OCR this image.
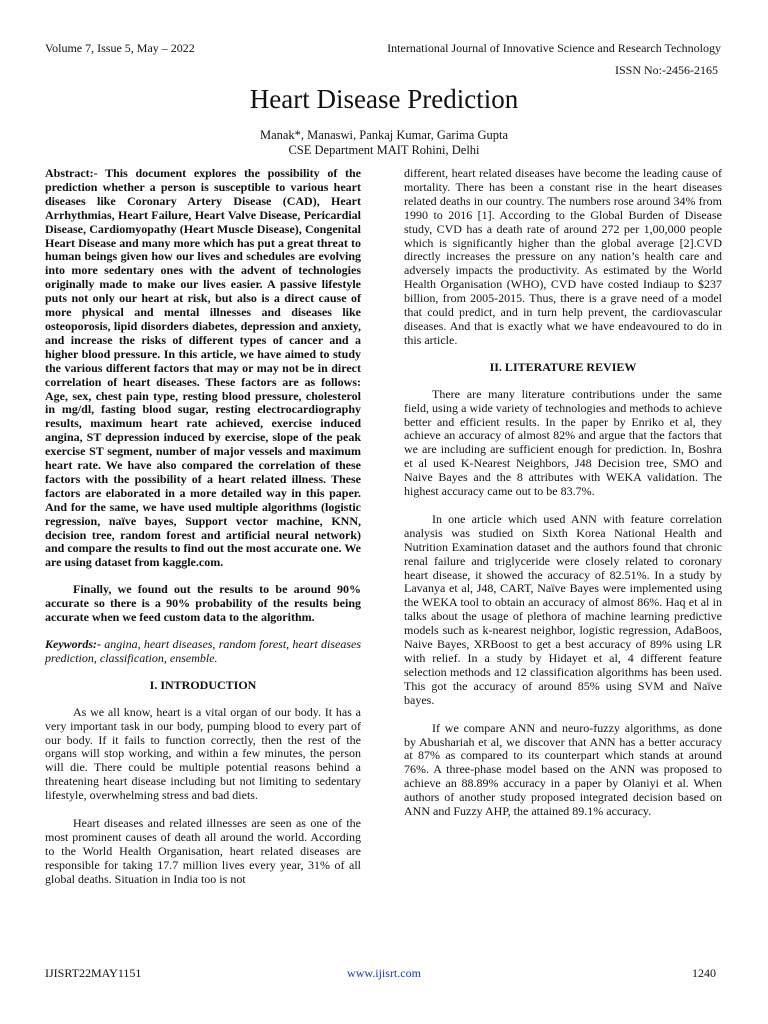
Volume 7, Issue 5, May – 2022	International Journal of Innovative Science and Research Technology
ISSN No:-2456-2165
Heart Disease Prediction
Manak*, Manaswi, Pankaj Kumar, Garima Gupta
CSE Department MAIT Rohini, Delhi

Abstract:- This document explores the possibility of the prediction whether a person is susceptible to various heart diseases like Coronary Artery Disease (CAD), Heart Arrhythmias, Heart Failure, Heart Valve Disease, Pericardial Disease, Cardiomyopathy (Heart Muscle Disease), Congenital Heart Disease and many more which has put a great threat to human beings given how our lives and schedules are evolving into more sedentary ones with the advent of technologies originally made to make our lives easier. A passive lifestyle puts not only our heart at risk, but also is a direct cause of more physical and mental illnesses and diseases like osteoporosis, lipid disorders diabetes, depression and anxiety, and increase the risks of different types of cancer and a higher blood pressure. In this article, we have aimed to study the various different factors that may or may not be in direct correlation of heart diseases. These factors are as follows: Age, sex, chest pain type, resting blood pressure, cholesterol in mg/dl, fasting blood sugar, resting electrocardiography results, maximum heart rate achieved, exercise induced angina, ST depression induced by exercise, slope of the peak exercise ST segment, number of major vessels and maximum heart rate. We have also compared the correlation of these factors with the possibility of a heart related illness. These factors are elaborated in a more detailed way in this paper. And for the same, we have used multiple algorithms (logistic regression, naïve bayes, Support vector machine, KNN, decision tree, random forest and artificial neural network) and compare the results to find out the most accurate one. We are using dataset from kaggle.com.

Finally, we found out the results to be around 90% accurate so there is a 90% probability of the results being accurate when we feed custom data to the algorithm.

Keywords:- angina, heart diseases, random forest, heart diseases prediction, classification, ensemble.

I. INTRODUCTION

As we all know, heart is a vital organ of our body. It has a very important task in our body, pumping blood to every part of our body. If it fails to function correctly, then the rest of the organs will stop working, and within a few minutes, the person will die. There could be multiple potential reasons behind a threatening heart disease including but not limiting to sedentary lifestyle, overwhelming stress and bad diets.

Heart diseases and related illnesses are seen as one of the most prominent causes of death all around the world. According to the World Health Organisation, heart related diseases are responsible for taking 17.7 million lives every year, 31% of all global deaths. Situation in India too is not

different, heart related diseases have become the leading cause of mortality. There has been a constant rise in the heart diseases related deaths in our country. The numbers rose around 34% from 1990 to 2016 [1]. According to the Global Burden of Disease study, CVD has a death rate of around 272 per 1,00,000 people which is significantly higher than the global average [2].CVD directly increases the pressure on any nation’s health care and adversely impacts the productivity. As estimated by the World Health Organisation (WHO), CVD have costed Indiaup to $237 billion, from 2005-2015. Thus, there is a grave need of a model that could predict, and in turn help prevent, the cardiovascular diseases. And that is exactly what we have endeavoured to do in this article.

II. LITERATURE REVIEW

There are many literature contributions under the same field, using a wide variety of technologies and methods to achieve better and efficient results. In the paper by Enriko et al, they achieve an accuracy of almost 82% and argue that the factors that we are including are sufficient enough for prediction. In, Boshra et al used K-Nearest Neighbors, J48 Decision tree, SMO and Naive Bayes and the 8 attributes with WEKA validation. The highest accuracy came out to be 83.7%.

In one article which used ANN with feature correlation analysis was studied on Sixth Korea National Health and Nutrition Examination dataset and the authors found that chronic renal failure and triglyceride were closely related to coronary heart disease, it showed the accuracy of 82.51%. In a study by Lavanya et al, J48, CART, Naïve Bayes were implemented using the WEKA tool to obtain an accuracy of almost 86%. Haq et al in talks about the usage of plethora of machine learning predictive models such as k-nearest neighbor, logistic regression, AdaBoos, Naive Bayes, XRBoost to get a best accuracy of 89% using LR with relief. In a study by Hidayet et al, 4 different feature selection methods and 12 classification algorithms has been used. This got the accuracy of around 85% using SVM and Naïve bayes.

If we compare ANN and neuro-fuzzy algorithms, as done by Abushariah et al, we discover that ANN has a better accuracy at 87% as compared to its counterpart which stands at around 76%. A three-phase model based on the ANN was proposed to achieve an 88.89% accuracy in a paper by Olaniyi et al. When authors of another study proposed integrated decision based on ANN and Fuzzy AHP, the attained 89.1% accuracy.

IJISRT22MAY1151	www.ijisrt.com	1240
